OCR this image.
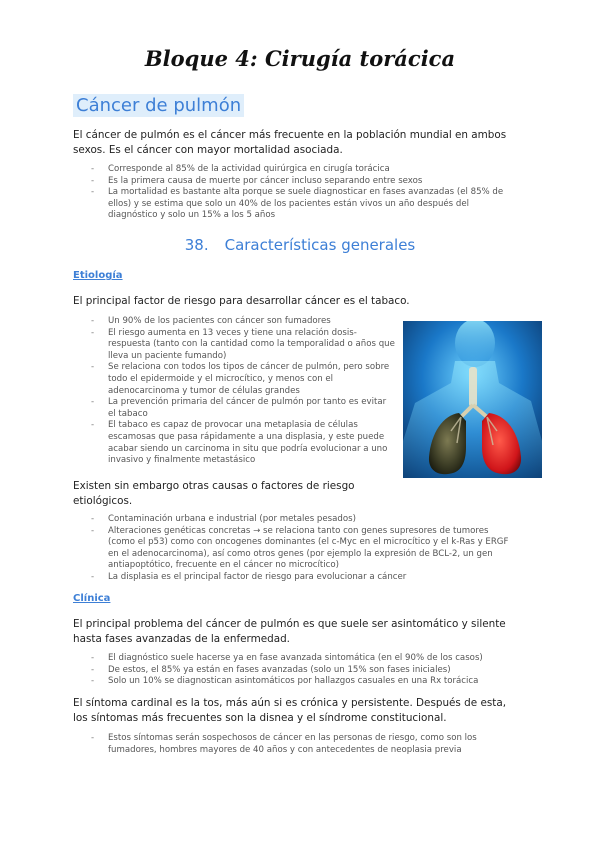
Bloque 4: Cirugía torácica
Cáncer de pulmón
El cáncer de pulmón es el cáncer más frecuente en la población mundial en ambos sexos. Es el cáncer con mayor mortalidad asociada.
- Corresponde al 85% de la actividad quirúrgica en cirugía torácica
- Es la primera causa de muerte por cáncer incluso separando entre sexos
- La mortalidad es bastante alta porque se suele diagnosticar en fases avanzadas (el 85% de ellos) y se estima que solo un 40% de los pacientes están vivos un año después del diagnóstico y solo un 15% a los 5 años
38. Características generales
Etiología
El principal factor de riesgo para desarrollar cáncer es el tabaco.
- Un 90% de los pacientes con cáncer son fumadores
- El riesgo aumenta en 13 veces y tiene una relación dosis-respuesta (tanto con la cantidad como la temporalidad o años que lleva un paciente fumando)
- Se relaciona con todos los tipos de cáncer de pulmón, pero sobre todo el epidermoide y el microcítico, y menos con el adenocarcinoma y tumor de células grandes
- La prevención primaria del cáncer de pulmón por tanto es evitar el tabaco
- El tabaco es capaz de provocar una metaplasia de células escamosas que pasa rápidamente a una displasia, y este puede acabar siendo un carcinoma in situ que podría evolucionar a uno invasivo y finalmente metastásico
Existen sin embargo otras causas o factores de riesgo etiológicos.
- Contaminación urbana e industrial (por metales pesados)
- Alteraciones genéticas concretas → se relaciona tanto con genes supresores de tumores (como el p53) como con oncogenes dominantes (el c-Myc en el microcítico y el k-Ras y ERGF en el adenocarcinoma), así como otros genes (por ejemplo la expresión de BCL-2, un gen antiapoptótico, frecuente en el cáncer no microcítico)
- La displasia es el principal factor de riesgo para evolucionar a cáncer
Clínica
El principal problema del cáncer de pulmón es que suele ser asintomático y silente hasta fases avanzadas de la enfermedad.
- El diagnóstico suele hacerse ya en fase avanzada sintomática (en el 90% de los casos)
- De estos, el 85% ya están en fases avanzadas (solo un 15% son fases iniciales)
- Solo un 10% se diagnostican asintomáticos por hallazgos casuales en una Rx torácica
El síntoma cardinal es la tos, más aún si es crónica y persistente. Después de esta, los síntomas más frecuentes son la disnea y el síndrome constitucional.
- Estos síntomas serán sospechosos de cáncer en las personas de riesgo, como son los fumadores, hombres mayores de 40 años y con antecedentes de neoplasia previa
